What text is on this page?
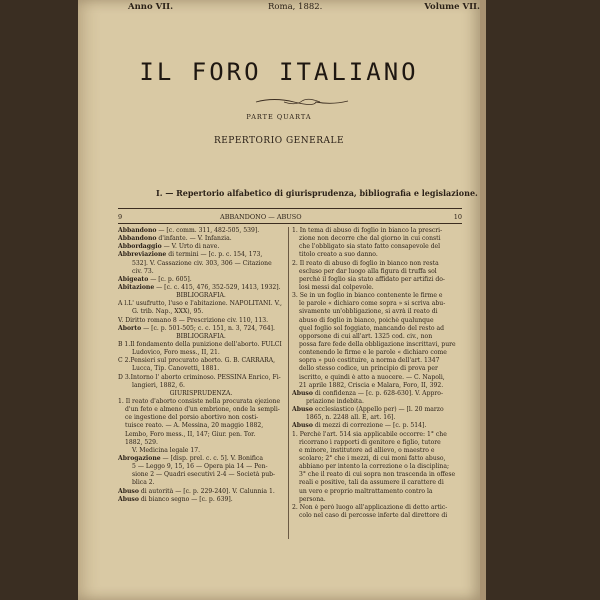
Anno VII.	Roma, 1882.	Volume VII.
IL FORO ITALIANO
PARTE QUARTA
REPERTORIO GENERALE
I. — Repertorio alfabetico di giurisprudenza, bibliografia e legislazione.
9	ABBANDONO — ABUSO	10
Abbandono — [c. comm. 311, 482-505, 539].
Abbandono d'infante. — V. Infanzia.
Abbordaggio — V. Urto di nave.
Abbreviazione di termini — [c. p. c. 154, 173,
532]. V. Cassazione civ. 303, 306 — Citazione
civ. 73.
Abigeato — [c. p. 605].
Abitazione — [c. c. 415, 476, 352-529, 1413, 1932].
BIBLIOGRAFIA.
A l.L' usufrutto, l'uso e l'abitazione. NAPOLITANI. V.,
G. trib. Nap., XXX), 95.
V. Diritto romano 8 — Prescrizione civ. 110, 113.
Aborto — [c. p. 501-505; c. c. 151, n. 3, 724, 764].
BIBLIOGRAFIA.
B 1.Il fondamento della punizione dell'aborto. FULCI
Ludovico, Foro mess., II, 21.
C 2.Pensieri sul procurato aborto. G. B. CARRARA,
Lucca, Tip. Canovetti, 1881.
D 3.Intorno l' aborto criminoso. PESSINA Enrico, Fi-
langieri, 1882, 6.
GIURISPRUDENZA.
1. Il reato d'aborto consiste nella procurata ejezione
d'un feto e almeno d'un embrione, onde la sempli-
ce ingestione del porsio abortivo non costi-
tuisce reato. — A. Messina, 20 maggio 1882,
Lembo, Foro mess., II, 147; Giur. pen. Tor.
1882, 529.
V. Medicina legale 17.
Abrogazione — [disp. prel. c. c. 5]. V. Bonifica
5 — Leggo 9, 15, 16 — Opera pia 14 — Pen-
sione 2 — Quadri esecutivi 2-4 — Società pub-
blica 2.
Abuso di autorità — [c. p. 229-240]. V. Calunnia 1.
Abuso di bianco segno — [c. p. 639].
1. In tema di abuso di foglio in bianco la prescri-
zione non decorre che dal giorno in cui consti
che l'obbligato sia stato fatto consapevole del
titolo creato a suo danno.
2. Il reato di abuso di foglio in bianco non resta
escluso per dar luogo alla figura di truffa sol
perchè il foglio sia stato affidato per artifizi do-
losi messi dal colpevole.
3. Se in un foglio in bianco contenente le firme e
le parole « dichiaro come sopra » si scriva abu-
sivamente un'obbligazione, si avrà il reato di
abuso di foglio in bianco, poichè qualunque
quel foglio sol foggiato, mancando del resto ad
opporsone di cui all'art. 1325 cod. civ., non
possa fare fede della obbligazione inscrittavi, pure
contenendo le firme e le parole « dichiaro come
sopra » può costituire, a norma dell'art. 1347
dello stesso codice, un principio di prova per
iscritto, e quindi è atto a nuocere. — C. Napoli,
21 aprile 1882, Criscia e Malara, Foro, II, 392.
Abuso di confidenza — [c. p. 628-630]. V. Appro-
priazione indebita.
Abuso ecclesiastico (Appello per) — [l. 20 marzo
1865, n. 2248 all. E, art. 16].
Abuso di mezzi di correzione — [c. p. 514].
1. Perchè l'art. 514 sia applicabile occorre: 1° che
ricorrano i rapporti di genitore e figlio, tutore
e minore, institutore ad allievo, o maestro e
scolaro; 2° che i mezzi, di cui moni fatto abuso,
abbiano per intento la correzione o la disciplina;
3° che il reato di cui sopra non trascenda in offese
reali e positive, tali da assumere il carattere di
un vero e proprio maltrattamento contro la
persona.
2. Non è però luogo all'applicazione di detto artic-
colo nel caso di percosse inferte dal direttore di
